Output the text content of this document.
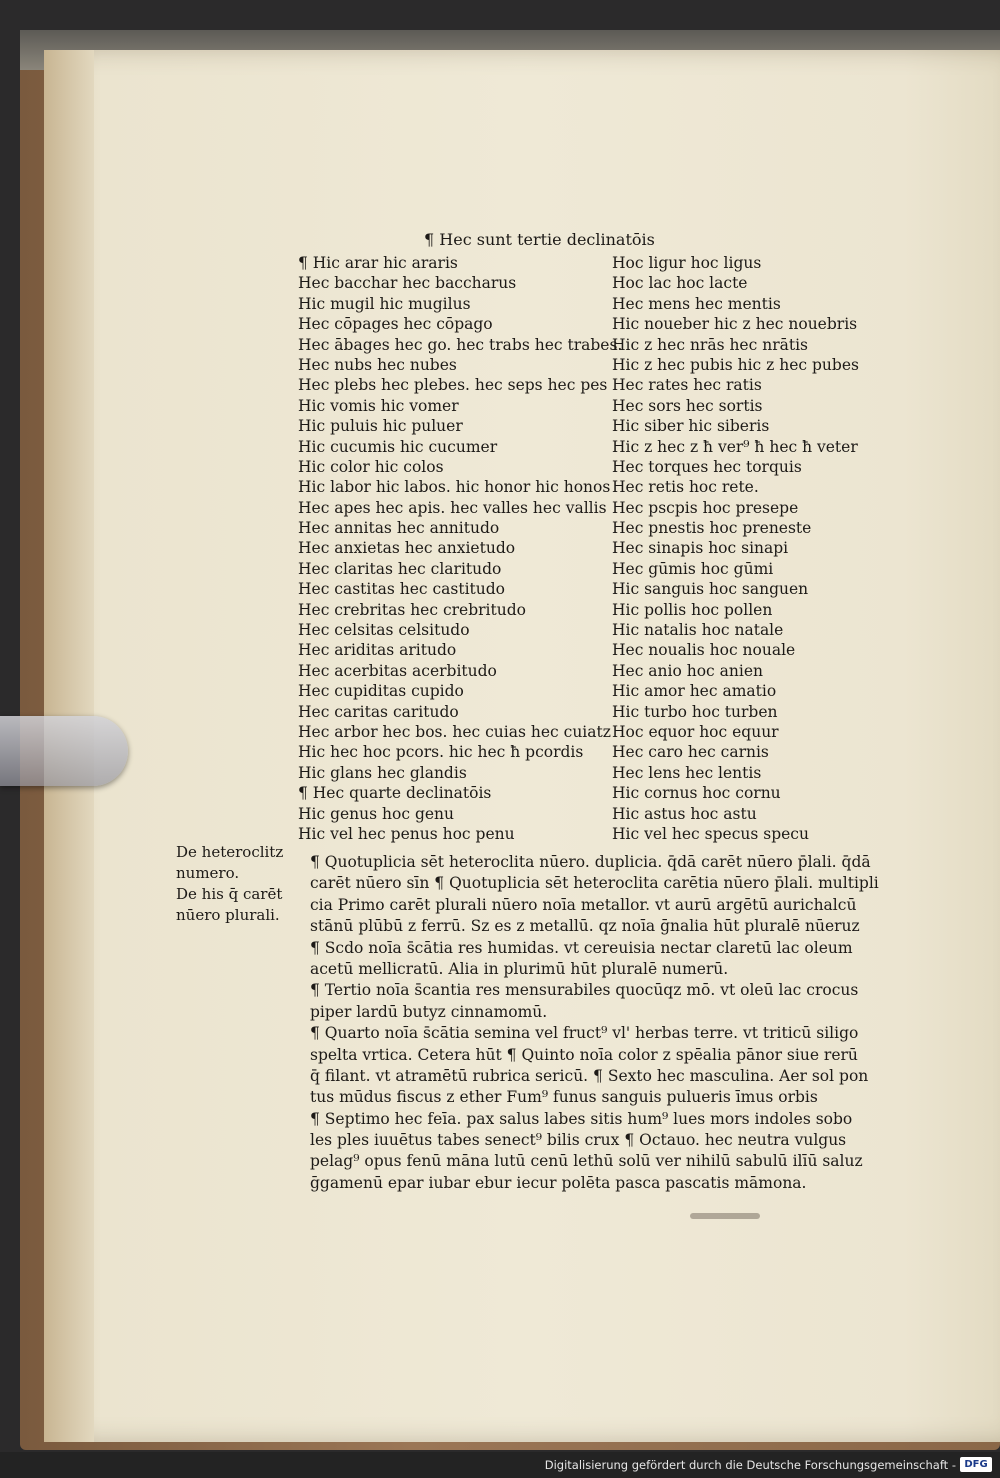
¶ Hec sunt tertie declinatōis
¶ Hic arar hic araris
Hec bacchar hec baccharus
Hic mugil hic mugilus
Hec cōpages hec cōpago
Hec ābages hec go. hec trabs hec trabes.
Hec nubs hec nubes
Hec plebs hec plebes. hec seps hec pes
Hic vomis hic vomer
Hic puluis hic puluer
Hic cucumis hic cucumer
Hic color hic colos
Hic labor hic labos. hic honor hic honos
Hec apes hec apis. hec valles hec vallis
Hec annitas hec annitudo
Hec anxietas hec anxietudo
Hec claritas hec claritudo
Hec castitas hec castitudo
Hec crebritas hec crebritudo
Hec celsitas celsitudo
Hec ariditas aritudo
Hec acerbitas acerbitudo
Hec cupiditas cupido
Hec caritas caritudo
Hec arbor hec bos. hec cuias hec cuiatz
Hic hec hoc pcors. hic hec ħ pcordis
Hic glans hec glandis
¶ Hec quarte declinatōis
Hic genus hoc genu
Hic vel hec penus hoc penu
Hoc ligur hoc ligus
Hoc lac hoc lacte
Hec mens hec mentis
Hic noueber hic z hec nouebris
Hic z hec nrās hec nrātis
Hic z hec pubis hic z hec pubes
Hec rates hec ratis
Hec sors hec sortis
Hic siber hic siberis
Hic z hec z ħ ver⁹ ħ hec ħ veter
Hec torques hec torquis
Hec retis hoc rete.
Hec pscpis hoc presepe
Hec pnestis hoc preneste
Hec sinapis hoc sinapi
Hec gūmis hoc gūmi
Hic sanguis hoc sanguen
Hic pollis hoc pollen
Hic natalis hoc natale
Hec noualis hoc nouale
Hec anio hoc anien
Hic amor hec amatio
Hic turbo hoc turben
Hoc equor hoc equur
Hec caro hec carnis
Hec lens hec lentis
Hic cornus hoc cornu
Hic astus hoc astu
Hic vel hec specus specu
De heteroclitz
numero.
De his q̄ carēt
nūero plurali.
¶ Quotuplicia sēt heteroclita nūero. duplicia. q̄dā carēt nūero p̄lali. q̄dā
carēt nūero sīn ¶ Quotuplicia sēt heteroclita carētia nūero p̄lali. multipli
cia Primo carēt plurali nūero noīa metallor. vt aurū argētū aurichalcū
stānū plūbū z ferrū. Sz es z metallū. qz noīa ḡnalia hūt pluralē nūeruz
¶ Scdo noīa s̄cātia res humidas. vt cereuisia nectar claretū lac oleum
acetū mellicratū. Alia in plurimū hūt pluralē numerū.
¶ Tertio noīa s̄cantia res mensurabiles quocūqz mō. vt oleū lac crocus
piper lardū butyz cinnamomū.
¶ Quarto noīa s̄cātia semina vel fruct⁹ vl' herbas terre. vt triticū siligo
spelta vrtica. Cetera hūt ¶ Quinto noīa color z spēalia pānor siue rerū
q̄ filant. vt atramētū rubrica sericū. ¶ Sexto hec masculina. Aer sol pon
tus mūdus fiscus z ether Fum⁹ funus sanguis pulueris īmus orbis
¶ Septimo hec feīa. pax salus labes sitis hum⁹ lues mors indoles sobo
les ples iuuētus tabes senect⁹ bilis crux ¶ Octauo. hec neutra vulgus
pelag⁹ opus fenū māna lutū cenū lethū solū ver nihilū sabulū ilīū saluz
ḡgamenū epar iubar ebur iecur polēta pasca pascatis māmona.
Digitalisierung gefördert durch die Deutsche Forschungsgemeinschaft - DFG
